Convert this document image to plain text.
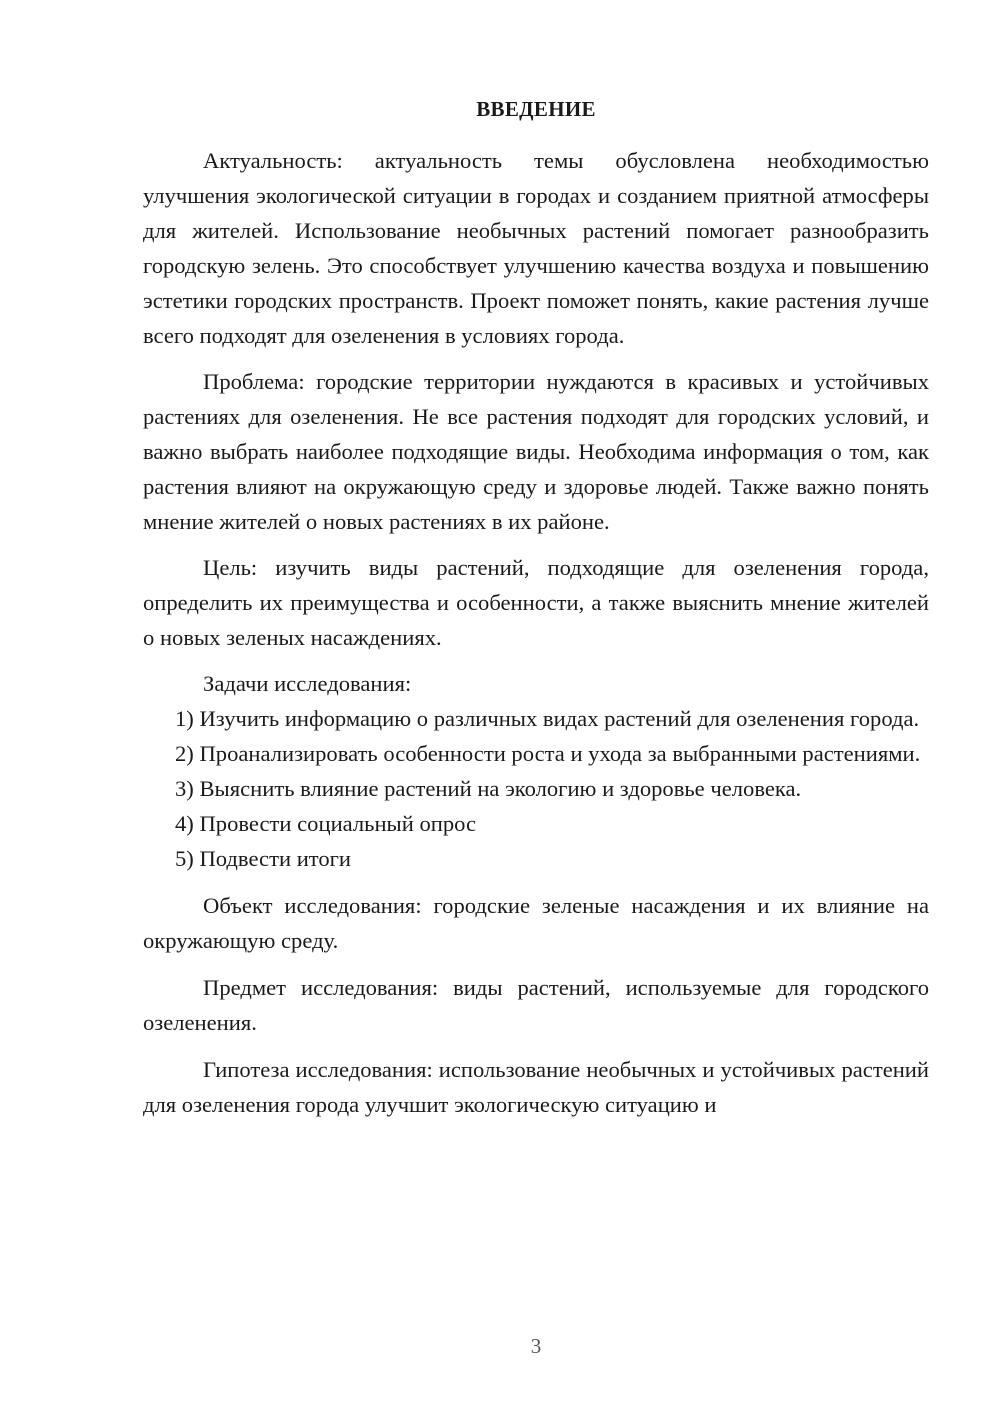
ВВЕДЕНИЕ

Актуальность: актуальность темы обусловлена необходимостью улучшения экологической ситуации в городах и созданием приятной атмосферы для жителей. Использование необычных растений помогает разнообразить городскую зелень. Это способствует улучшению качества воздуха и повышению эстетики городских пространств. Проект поможет понять, какие растения лучше всего подходят для озеленения в условиях города.

Проблема: городские территории нуждаются в красивых и устойчивых растениях для озеленения. Не все растения подходят для городских условий, и важно выбрать наиболее подходящие виды. Необходима информация о том, как растения влияют на окружающую среду и здоровье людей. Также важно понять мнение жителей о новых растениях в их районе.

Цель: изучить виды растений, подходящие для озеленения города, определить их преимущества и особенности, а также выяснить мнение жителей о новых зеленых насаждениях.

Задачи исследования:

1) Изучить информацию о различных видах растений для озеленения города.

2) Проанализировать особенности роста и ухода за выбранными растениями.

3) Выяснить влияние растений на экологию и здоровье человека.

4) Провести социальный опрос

5) Подвести итоги

Объект исследования: городские зеленые насаждения и их влияние на окружающую среду.

Предмет исследования: виды растений, используемые для городского озеленения.

Гипотеза исследования: использование необычных и устойчивых растений для озеленения города улучшит экологическую ситуацию и

3
